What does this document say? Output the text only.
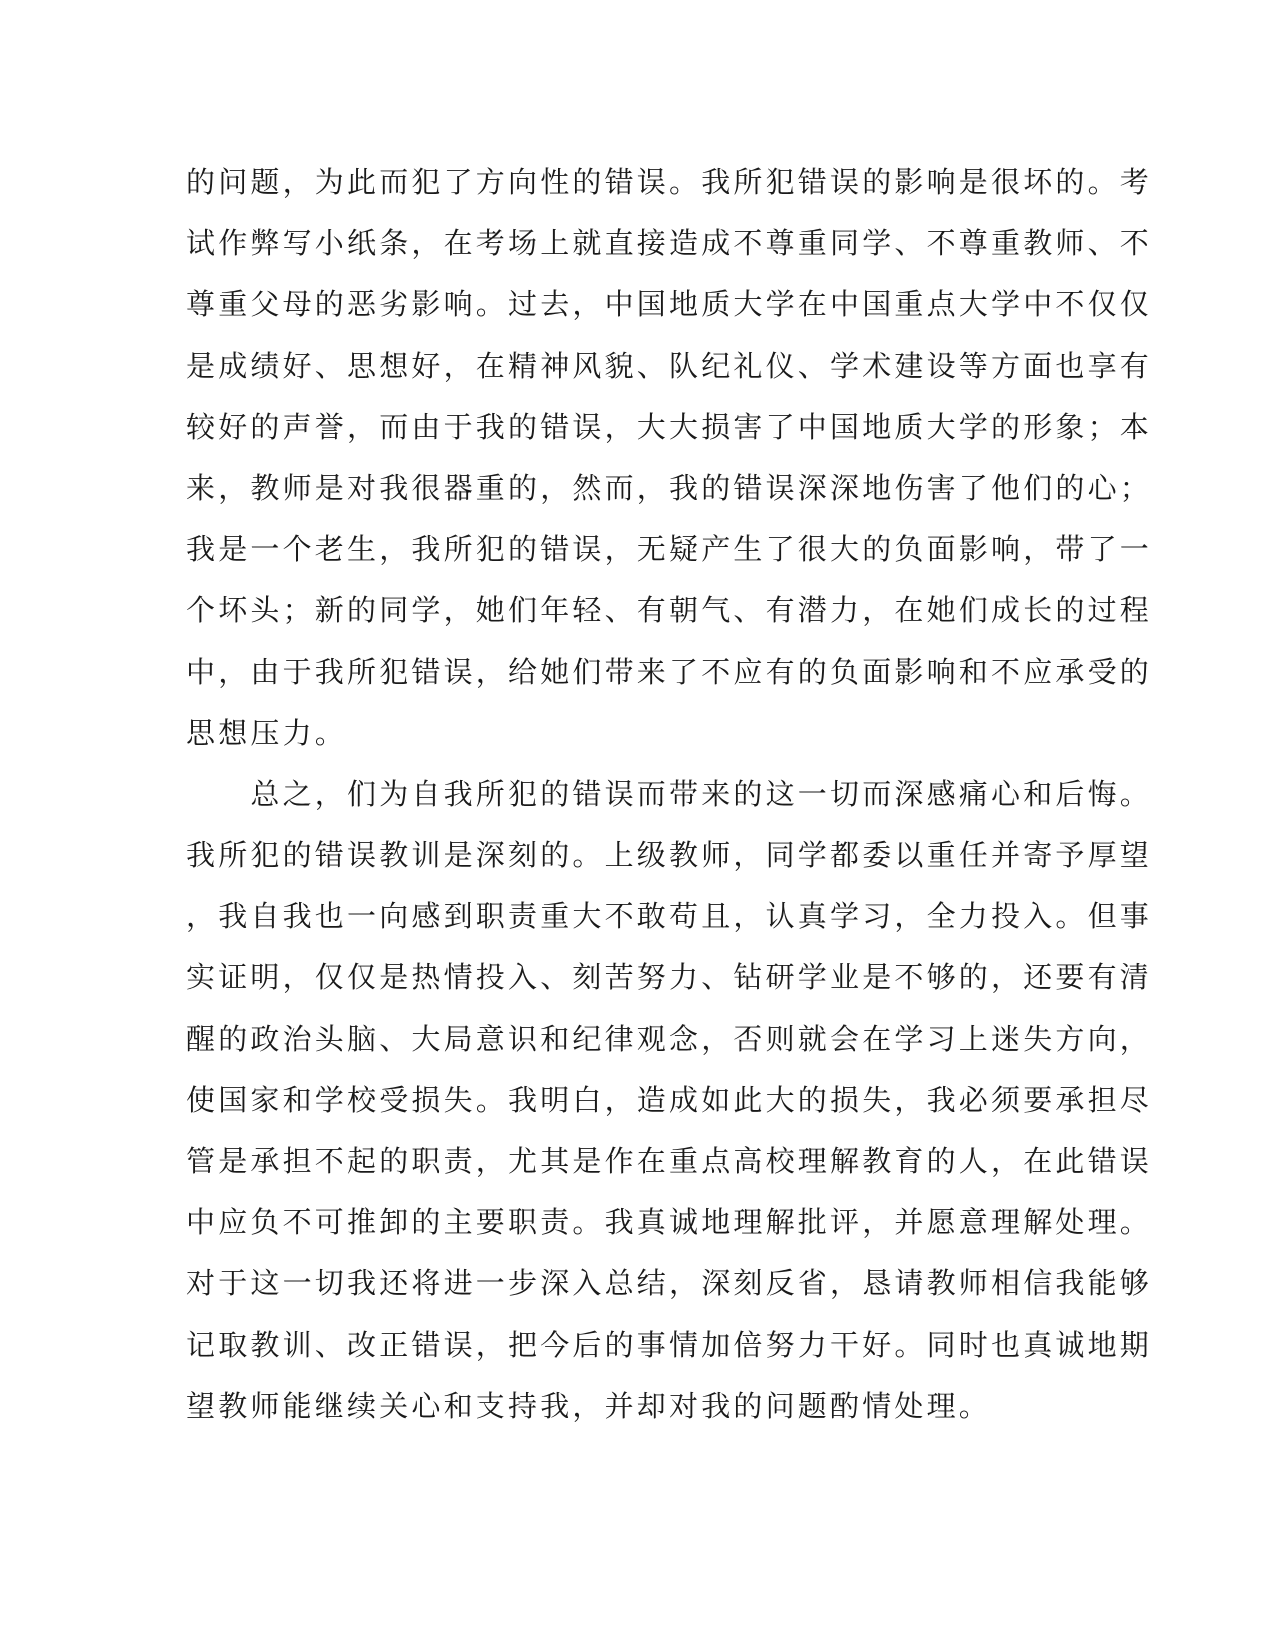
的问题，为此而犯了方向性的错误。我所犯错误的影响是很坏的。考
试作弊写小纸条，在考场上就直接造成不尊重同学、不尊重教师、不
尊重父母的恶劣影响。过去，中国地质大学在中国重点大学中不仅仅
是成绩好、思想好，在精神风貌、队纪礼仪、学术建设等方面也享有
较好的声誉，而由于我的错误，大大损害了中国地质大学的形象；本
来，教师是对我很器重的，然而，我的错误深深地伤害了他们的心；
我是一个老生，我所犯的错误，无疑产生了很大的负面影响，带了一
个坏头；新的同学，她们年轻、有朝气、有潜力，在她们成长的过程
中，由于我所犯错误，给她们带来了不应有的负面影响和不应承受的
思想压力。
　　总之，们为自我所犯的错误而带来的这一切而深感痛心和后悔。
我所犯的错误教训是深刻的。上级教师，同学都委以重任并寄予厚望
，我自我也一向感到职责重大不敢苟且，认真学习，全力投入。但事
实证明，仅仅是热情投入、刻苦努力、钻研学业是不够的，还要有清
醒的政治头脑、大局意识和纪律观念，否则就会在学习上迷失方向，
使国家和学校受损失。我明白，造成如此大的损失，我必须要承担尽
管是承担不起的职责，尤其是作在重点高校理解教育的人，在此错误
中应负不可推卸的主要职责。我真诚地理解批评，并愿意理解处理。
对于这一切我还将进一步深入总结，深刻反省，恳请教师相信我能够
记取教训、改正错误，把今后的事情加倍努力干好。同时也真诚地期
望教师能继续关心和支持我，并却对我的问题酌情处理。
